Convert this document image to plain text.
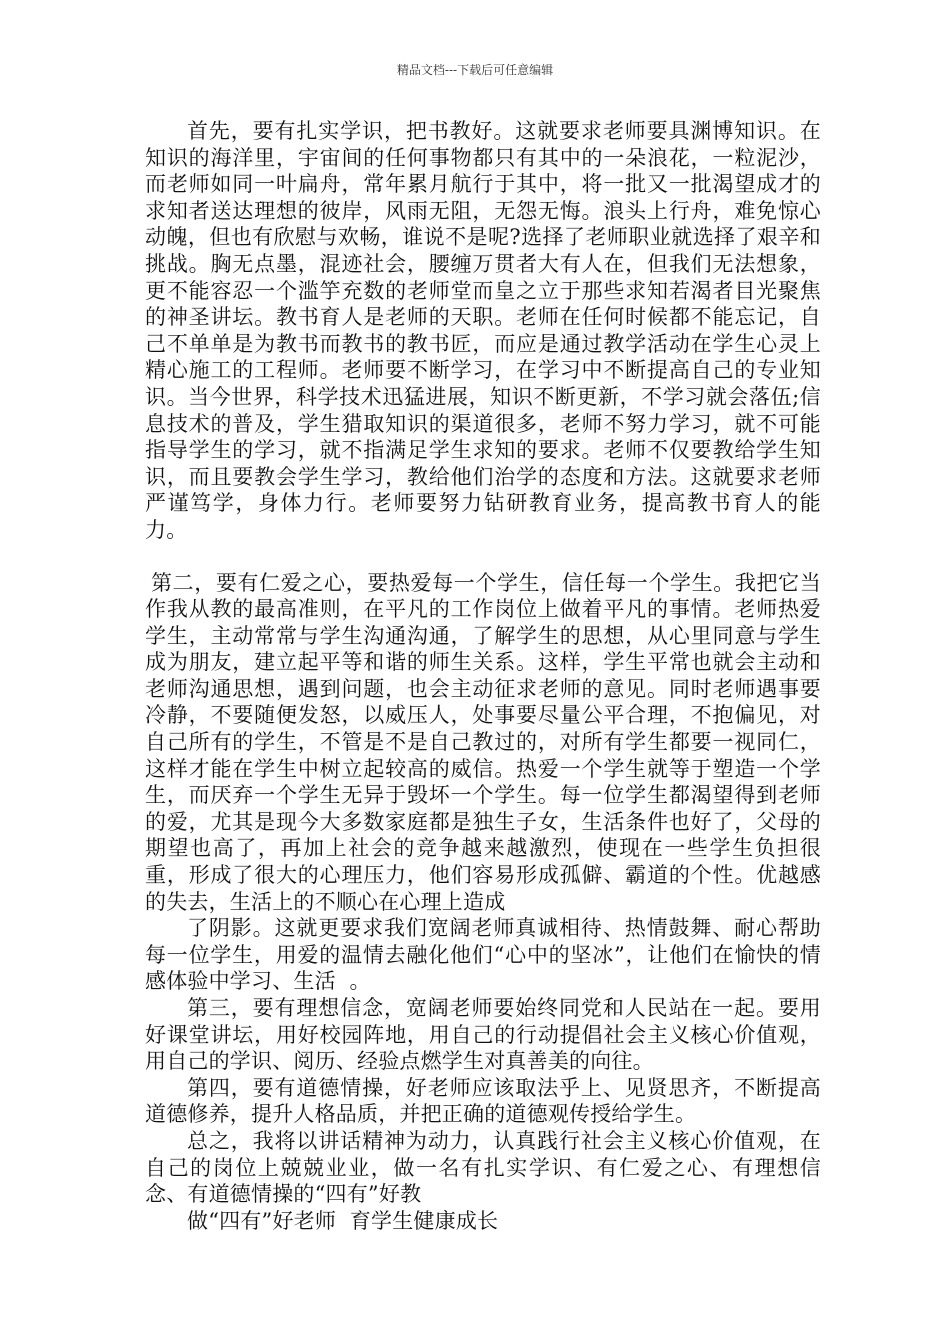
精品文档---下载后可任意编辑

首先，要有扎实学识，把书教好。这就要求老师要具渊博知识。在知识的海洋里，宇宙间的任何事物都只有其中的一朵浪花，一粒泥沙，而老师如同一叶扁舟，常年累月航行于其中，将一批又一批渴望成才的求知者送达理想的彼岸，风雨无阻，无怨无悔。浪头上行舟，难免惊心动魄，但也有欣慰与欢畅，谁说不是呢?选择了老师职业就选择了艰辛和挑战。胸无点墨，混迹社会，腰缠万贯者大有人在，但我们无法想象，更不能容忍一个滥竽充数的老师堂而皇之立于那些求知若渴者目光聚焦的神圣讲坛。教书育人是老师的天职。老师在任何时候都不能忘记，自己不单单是为教书而教书的教书匠，而应是通过教学活动在学生心灵上精心施工的工程师。老师要不断学习，在学习中不断提高自己的专业知识。当今世界，科学技术迅猛进展，知识不断更新，不学习就会落伍;信息技术的普及，学生猎取知识的渠道很多，老师不努力学习，就不可能指导学生的学习，就不指满足学生求知的要求。老师不仅要教给学生知识，而且要教会学生学习，教给他们治学的态度和方法。这就要求老师严谨笃学，身体力行。老师要努力钻研教育业务，提高教书育人的能力。

第二，要有仁爱之心，要热爱每一个学生，信任每一个学生。我把它当作我从教的最高准则，在平凡的工作岗位上做着平凡的事情。老师热爱学生，主动常常与学生沟通沟通，了解学生的思想，从心里同意与学生成为朋友，建立起平等和谐的师生关系。这样，学生平常也就会主动和老师沟通思想，遇到问题，也会主动征求老师的意见。同时老师遇事要冷静，不要随便发怒，以威压人，处事要尽量公平合理，不抱偏见，对自己所有的学生，不管是不是自己教过的，对所有学生都要一视同仁，这样才能在学生中树立起较高的威信。热爱一个学生就等于塑造一个学生，而厌弃一个学生无异于毁坏一个学生。每一位学生都渴望得到老师的爱，尤其是现今大多数家庭都是独生子女，生活条件也好了，父母的期望也高了，再加上社会的竞争越来越激烈，使现在一些学生负担很重，形成了很大的心理压力，他们容易形成孤僻、霸道的个性。优越感的失去，生活上的不顺心在心理上造成

了阴影。这就更要求我们宽阔老师真诚相待、热情鼓舞、耐心帮助每一位学生，用爱的温情去融化他们“心中的坚冰”，让他们在愉快的情感体验中学习、生活  。

第三，要有理想信念，宽阔老师要始终同党和人民站在一起。要用好课堂讲坛，用好校园阵地，用自己的行动提倡社会主义核心价值观，用自己的学识、阅历、经验点燃学生对真善美的向往。

第四，要有道德情操，好老师应该取法乎上、见贤思齐，不断提高道德修养，提升人格品质，并把正确的道德观传授给学生。

总之，我将以讲话精神为动力，认真践行社会主义核心价值观，在自己的岗位上兢兢业业，做一名有扎实学识、有仁爱之心、有理想信念、有道德情操的“四有”好教

做“四有”好老师  育学生健康成长
